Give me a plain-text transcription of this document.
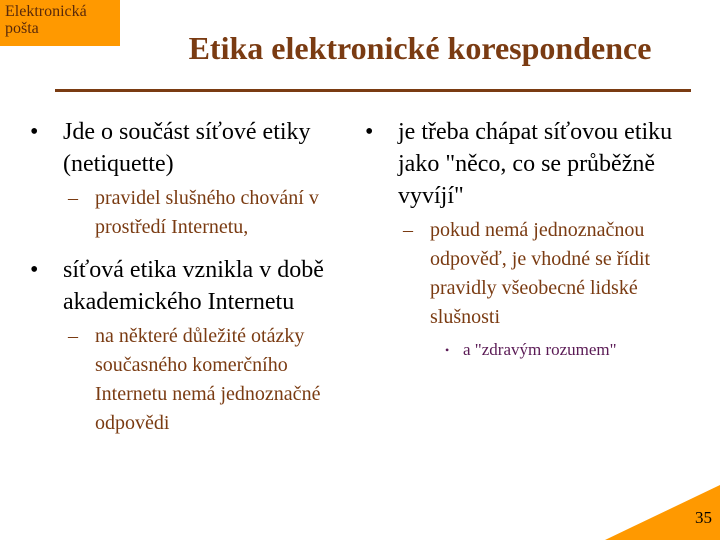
Elektronická
pošta
Etika elektronické korespondence
•	Jde o součást síťové etiky (netiquette)
– pravidel slušného chování v prostředí Internetu,
•	síťová etika vznikla v době akademického Internetu
– na některé důležité otázky současného komerčního Internetu nemá jednoznačné odpovědi
•	je třeba chápat síťovou etiku jako "něco, co se průběžně vyvíjí"
– pokud nemá jednoznačnou odpověď, je vhodné se řídit pravidly všeobecné lidské slušnosti
• a "zdravým rozumem"
35
